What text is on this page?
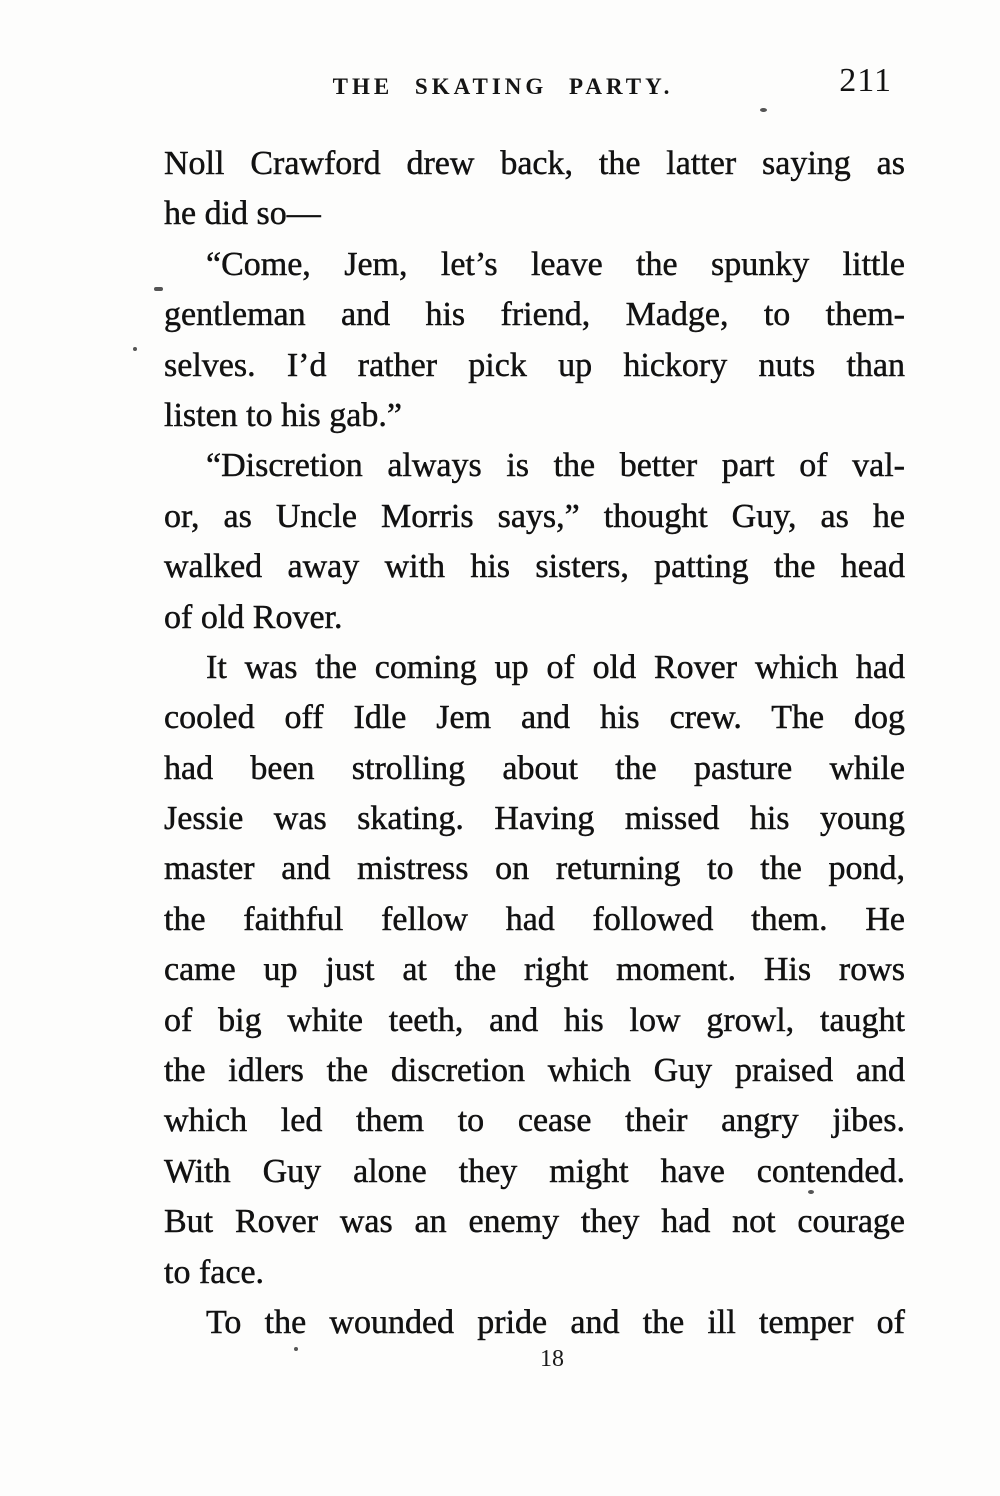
THE SKATING PARTY.	211
Noll Crawford drew back, the latter saying as
he did so—
“Come, Jem, let’s leave the spunky little
gentleman and his friend, Madge, to them-
selves. I’d rather pick up hickory nuts than
listen to his gab.”
“Discretion always is the better part of val-
or, as Uncle Morris says,” thought Guy, as he
walked away with his sisters, patting the head
of old Rover.
It was the coming up of old Rover which had
cooled off Idle Jem and his crew. The dog
had been strolling about the pasture while
Jessie was skating. Having missed his young
master and mistress on returning to the pond,
the faithful fellow had followed them. He
came up just at the right moment. His rows
of big white teeth, and his low growl, taught
the idlers the discretion which Guy praised and
which led them to cease their angry jibes.
With Guy alone they might have contended.
But Rover was an enemy they had not courage
to face.
To the wounded pride and the ill temper of
18
